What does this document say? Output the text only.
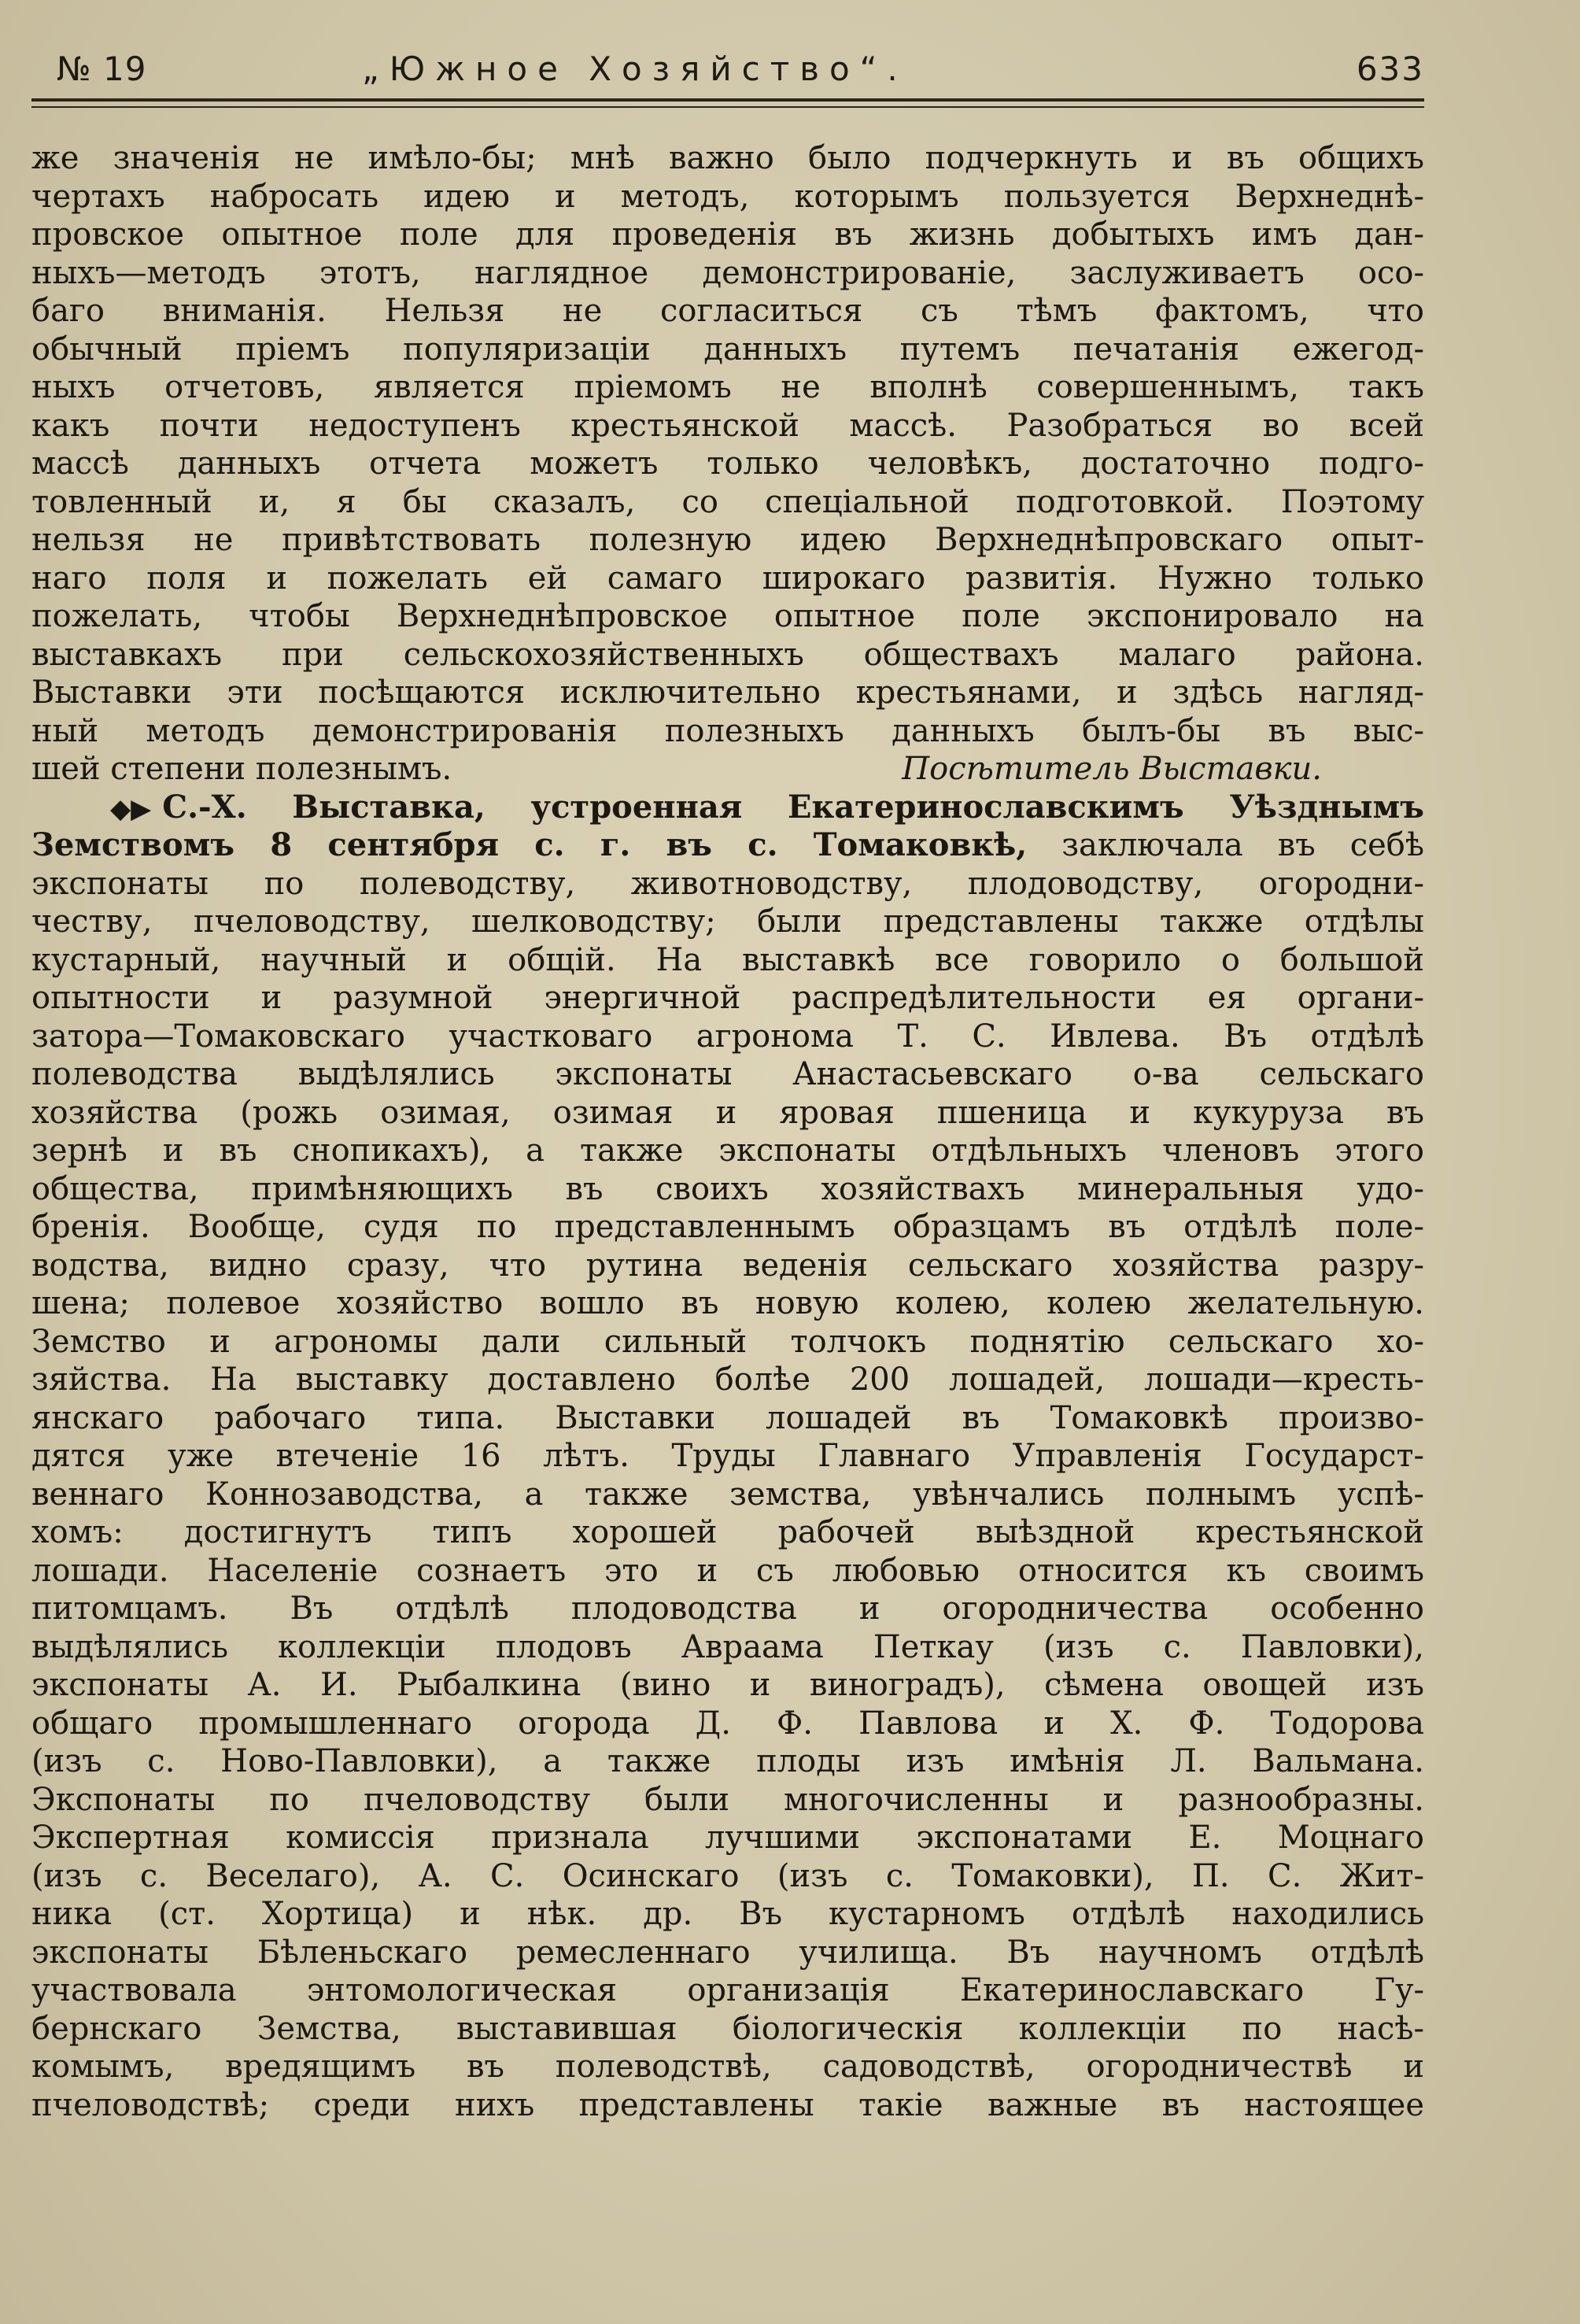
№ 19	„Южное Хозяйство“.	633
же значенія не имѣло-бы; мнѣ важно было подчеркнуть и въ общихъ
чертахъ набросать идею и методъ, которымъ пользуется Верхнеднѣ-
провское опытное поле для проведенія въ жизнь добытыхъ имъ дан-
ныхъ—методъ этотъ, наглядное демонстрированіе, заслуживаетъ осо-
баго вниманія. Нельзя не согласиться съ тѣмъ фактомъ, что
обычный пріемъ популяризаціи данныхъ путемъ печатанія ежегод-
ныхъ отчетовъ, является пріемомъ не вполнѣ совершеннымъ, такъ
какъ почти недоступенъ крестьянской массѣ. Разобраться во всей
массѣ данныхъ отчета можетъ только человѣкъ, достаточно подго-
товленный и, я бы сказалъ, со спеціальной подготовкой. Поэтому
нельзя не привѣтствовать полезную идею Верхнеднѣпровскаго опыт-
наго поля и пожелать ей самаго широкаго развитія. Нужно только
пожелать, чтобы Верхнеднѣпровское опытное поле экспонировало на
выставкахъ при сельскохозяйственныхъ обществахъ малаго района.
Выставки эти посѣщаются исключительно крестьянами, и здѣсь нагляд-
ный методъ демонстрированія полезныхъ данныхъ былъ-бы въ выс-
шей степени полезнымъ.	Посѣтитель Выставки.
◆▶ С.-Х. Выставка, устроенная Екатеринославскимъ Уѣзднымъ
Земствомъ 8 сентября с. г. въ с. Томаковкѣ, заключала въ себѣ
экспонаты по полеводству, животноводству, плодоводству, огородни-
честву, пчеловодству, шелководству; были представлены также отдѣлы
кустарный, научный и общій. На выставкѣ все говорило о большой
опытности и разумной энергичной распредѣлительности ея органи-
затора—Томаковскаго участковаго агронома Т. С. Ивлева. Въ отдѣлѣ
полеводства выдѣлялись экспонаты Анастасьевскаго о-ва сельскаго
хозяйства (рожь озимая, озимая и яровая пшеница и кукуруза въ
зернѣ и въ снопикахъ), а также экспонаты отдѣльныхъ членовъ этого
общества, примѣняющихъ въ своихъ хозяйствахъ минеральныя удо-
бренія. Вообще, судя по представленнымъ образцамъ въ отдѣлѣ поле-
водства, видно сразу, что рутина веденія сельскаго хозяйства разру-
шена; полевое хозяйство вошло въ новую колею, колею желательную.
Земство и агрономы дали сильный толчокъ поднятію сельскаго хо-
зяйства. На выставку доставлено болѣе 200 лошадей, лошади—кресть-
янскаго рабочаго типа. Выставки лошадей въ Томаковкѣ произво-
дятся уже втеченіе 16 лѣтъ. Труды Главнаго Управленія Государст-
веннаго Коннозаводства, а также земства, увѣнчались полнымъ успѣ-
хомъ: достигнутъ типъ хорошей рабочей выѣздной крестьянской
лошади. Населеніе сознаетъ это и съ любовью относится къ своимъ
питомцамъ. Въ отдѣлѣ плодоводства и огородничества особенно
выдѣлялись коллекціи плодовъ Авраама Петкау (изъ с. Павловки),
экспонаты А. И. Рыбалкина (вино и виноградъ), сѣмена овощей изъ
общаго промышленнаго огорода Д. Ф. Павлова и Х. Ф. Тодорова
(изъ с. Ново-Павловки), а также плоды изъ имѣнія Л. Вальмана.
Экспонаты по пчеловодству были многочисленны и разнообразны.
Экспертная комиссія признала лучшими экспонатами Е. Моцнаго
(изъ с. Веселаго), А. С. Осинскаго (изъ с. Томаковки), П. С. Жит-
ника (ст. Хортица) и нѣк. др. Въ кустарномъ отдѣлѣ находились
экспонаты Бѣленьскаго ремесленнаго училища. Въ научномъ отдѣлѣ
участвовала энтомологическая организація Екатеринославскаго Гу-
бернскаго Земства, выставившая біологическія коллекціи по насѣ-
комымъ, вредящимъ въ полеводствѣ, садоводствѣ, огородничествѣ и
пчеловодствѣ; среди нихъ представлены такіе важные въ настоящее
